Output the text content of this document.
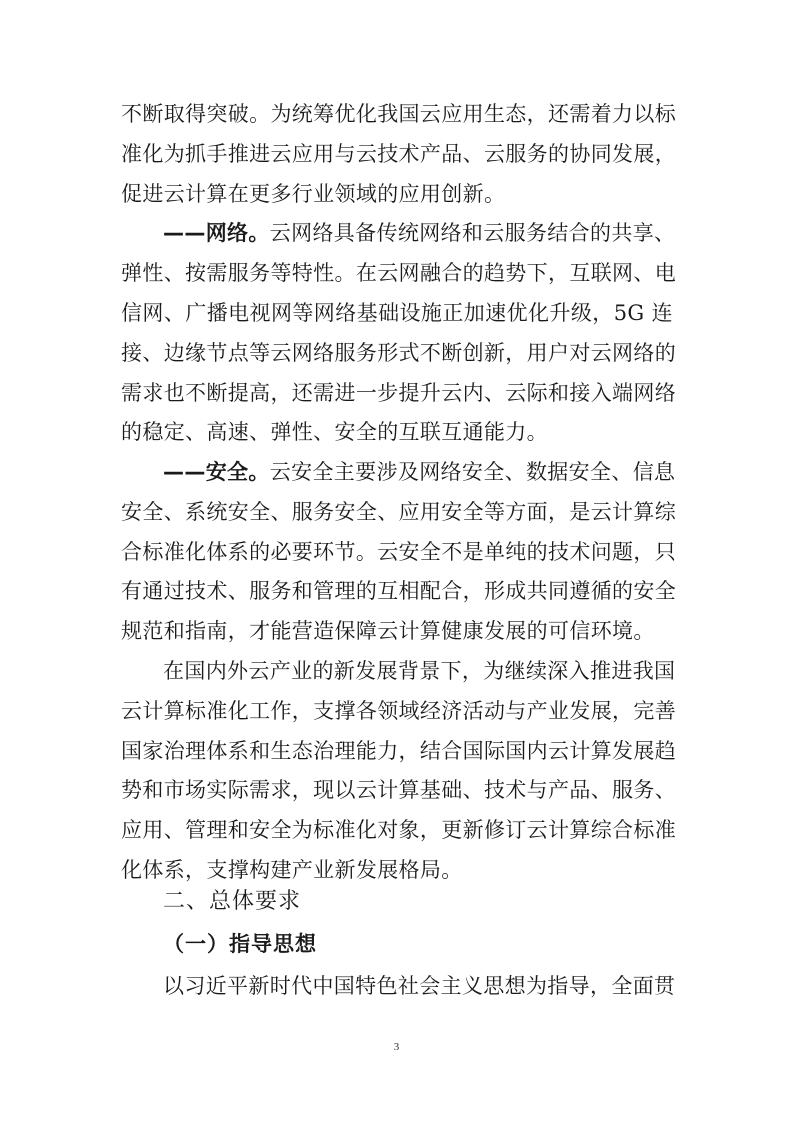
不断取得突破。为统筹优化我国云应用生态，还需着力以标
准化为抓手推进云应用与云技术产品、云服务的协同发展，
促进云计算在更多行业领域的应用创新。
——网络。云网络具备传统网络和云服务结合的共享、
弹性、按需服务等特性。在云网融合的趋势下，互联网、电
信网、广播电视网等网络基础设施正加速优化升级，5G 连
接、边缘节点等云网络服务形式不断创新，用户对云网络的
需求也不断提高，还需进一步提升云内、云际和接入端网络
的稳定、高速、弹性、安全的互联互通能力。
——安全。云安全主要涉及网络安全、数据安全、信息
安全、系统安全、服务安全、应用安全等方面，是云计算综
合标准化体系的必要环节。云安全不是单纯的技术问题，只
有通过技术、服务和管理的互相配合，形成共同遵循的安全
规范和指南，才能营造保障云计算健康发展的可信环境。
在国内外云产业的新发展背景下，为继续深入推进我国
云计算标准化工作，支撑各领域经济活动与产业发展，完善
国家治理体系和生态治理能力，结合国际国内云计算发展趋
势和市场实际需求，现以云计算基础、技术与产品、服务、
应用、管理和安全为标准化对象，更新修订云计算综合标准
化体系，支撑构建产业新发展格局。
二、总体要求
（一）指导思想
以习近平新时代中国特色社会主义思想为指导，全面贯
3
